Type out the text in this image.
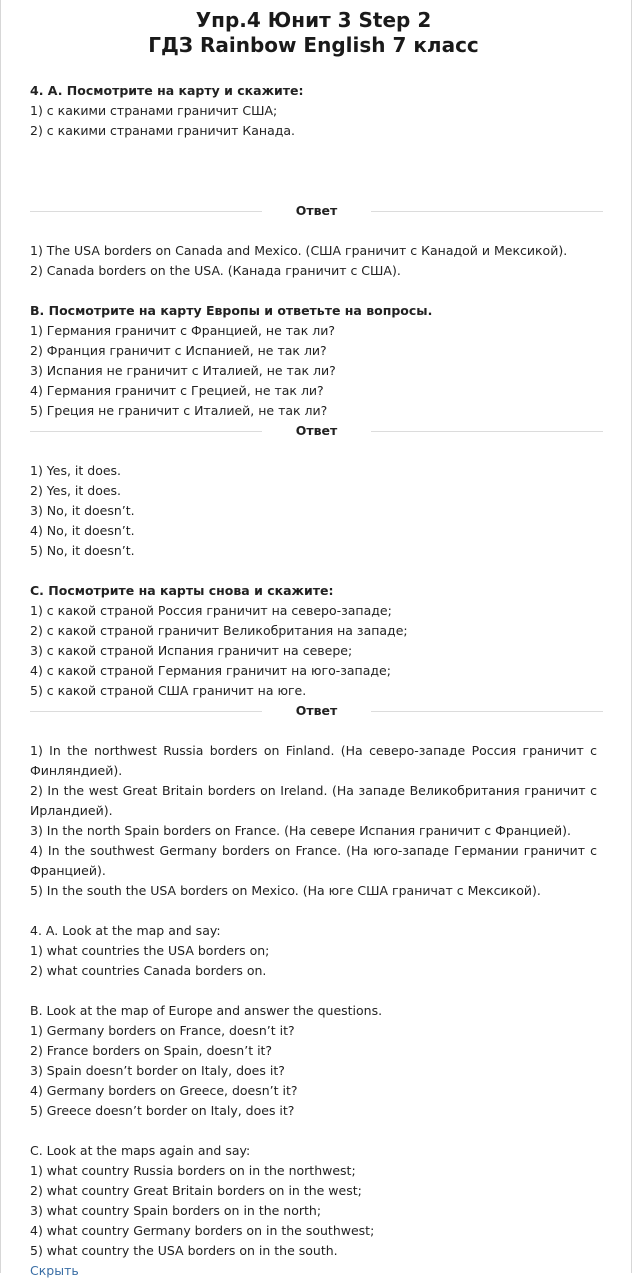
Упр.4 Юнит 3 Step 2
ГДЗ Rainbow English 7 класс
4. A. Посмотрите на карту и скажите:
1) с какими странами граничит США;
2) с какими странами граничит Канада.
Ответ
1) The USA borders on Canada and Mexico. (США граничит с Канадой и Мексикой).
2) Canada borders on the USA. (Канада граничит с США).
B. Посмотрите на карту Европы и ответьте на вопросы.
1) Германия граничит с Францией, не так ли?
2) Франция граничит с Испанией, не так ли?
3) Испания не граничит с Италией, не так ли?
4) Германия граничит с Грецией, не так ли?
5) Греция не граничит с Италией, не так ли?
Ответ
1) Yes, it does.
2) Yes, it does.
3) No, it doesn’t.
4) No, it doesn’t.
5) No, it doesn’t.
C. Посмотрите на карты снова и скажите:
1) с какой страной Россия граничит на северо-западе;
2) с какой страной граничит Великобритания на западе;
3) с какой страной Испания граничит на севере;
4) с какой страной Германия граничит на юго-западе;
5) с какой страной США граничит на юге.
Ответ
1) In the northwest Russia borders on Finland. (На северо-западе Россия граничит с Финляндией).
2) In the west Great Britain borders on Ireland. (На западе Великобритания граничит с Ирландией).
3) In the north Spain borders on France. (На севере Испания граничит с Францией).
4) In the southwest Germany borders on France. (На юго-западе Германии граничит с Францией).
5) In the south the USA borders on Mexico. (На юге США граничат с Мексикой).
4. A. Look at the map and say:
1) what countries the USA borders on;
2) what countries Canada borders on.
B. Look at the map of Europe and answer the questions.
1) Germany borders on France, doesn’t it?
2) France borders on Spain, doesn’t it?
3) Spain doesn’t border on Italy, does it?
4) Germany borders on Greece, doesn’t it?
5) Greece doesn’t border on Italy, does it?
C. Look at the maps again and say:
1) what country Russia borders on in the northwest;
2) what country Great Britain borders on in the west;
3) what country Spain borders on in the north;
4) what country Germany borders on in the southwest;
5) what country the USA borders on in the south.
Скрыть
